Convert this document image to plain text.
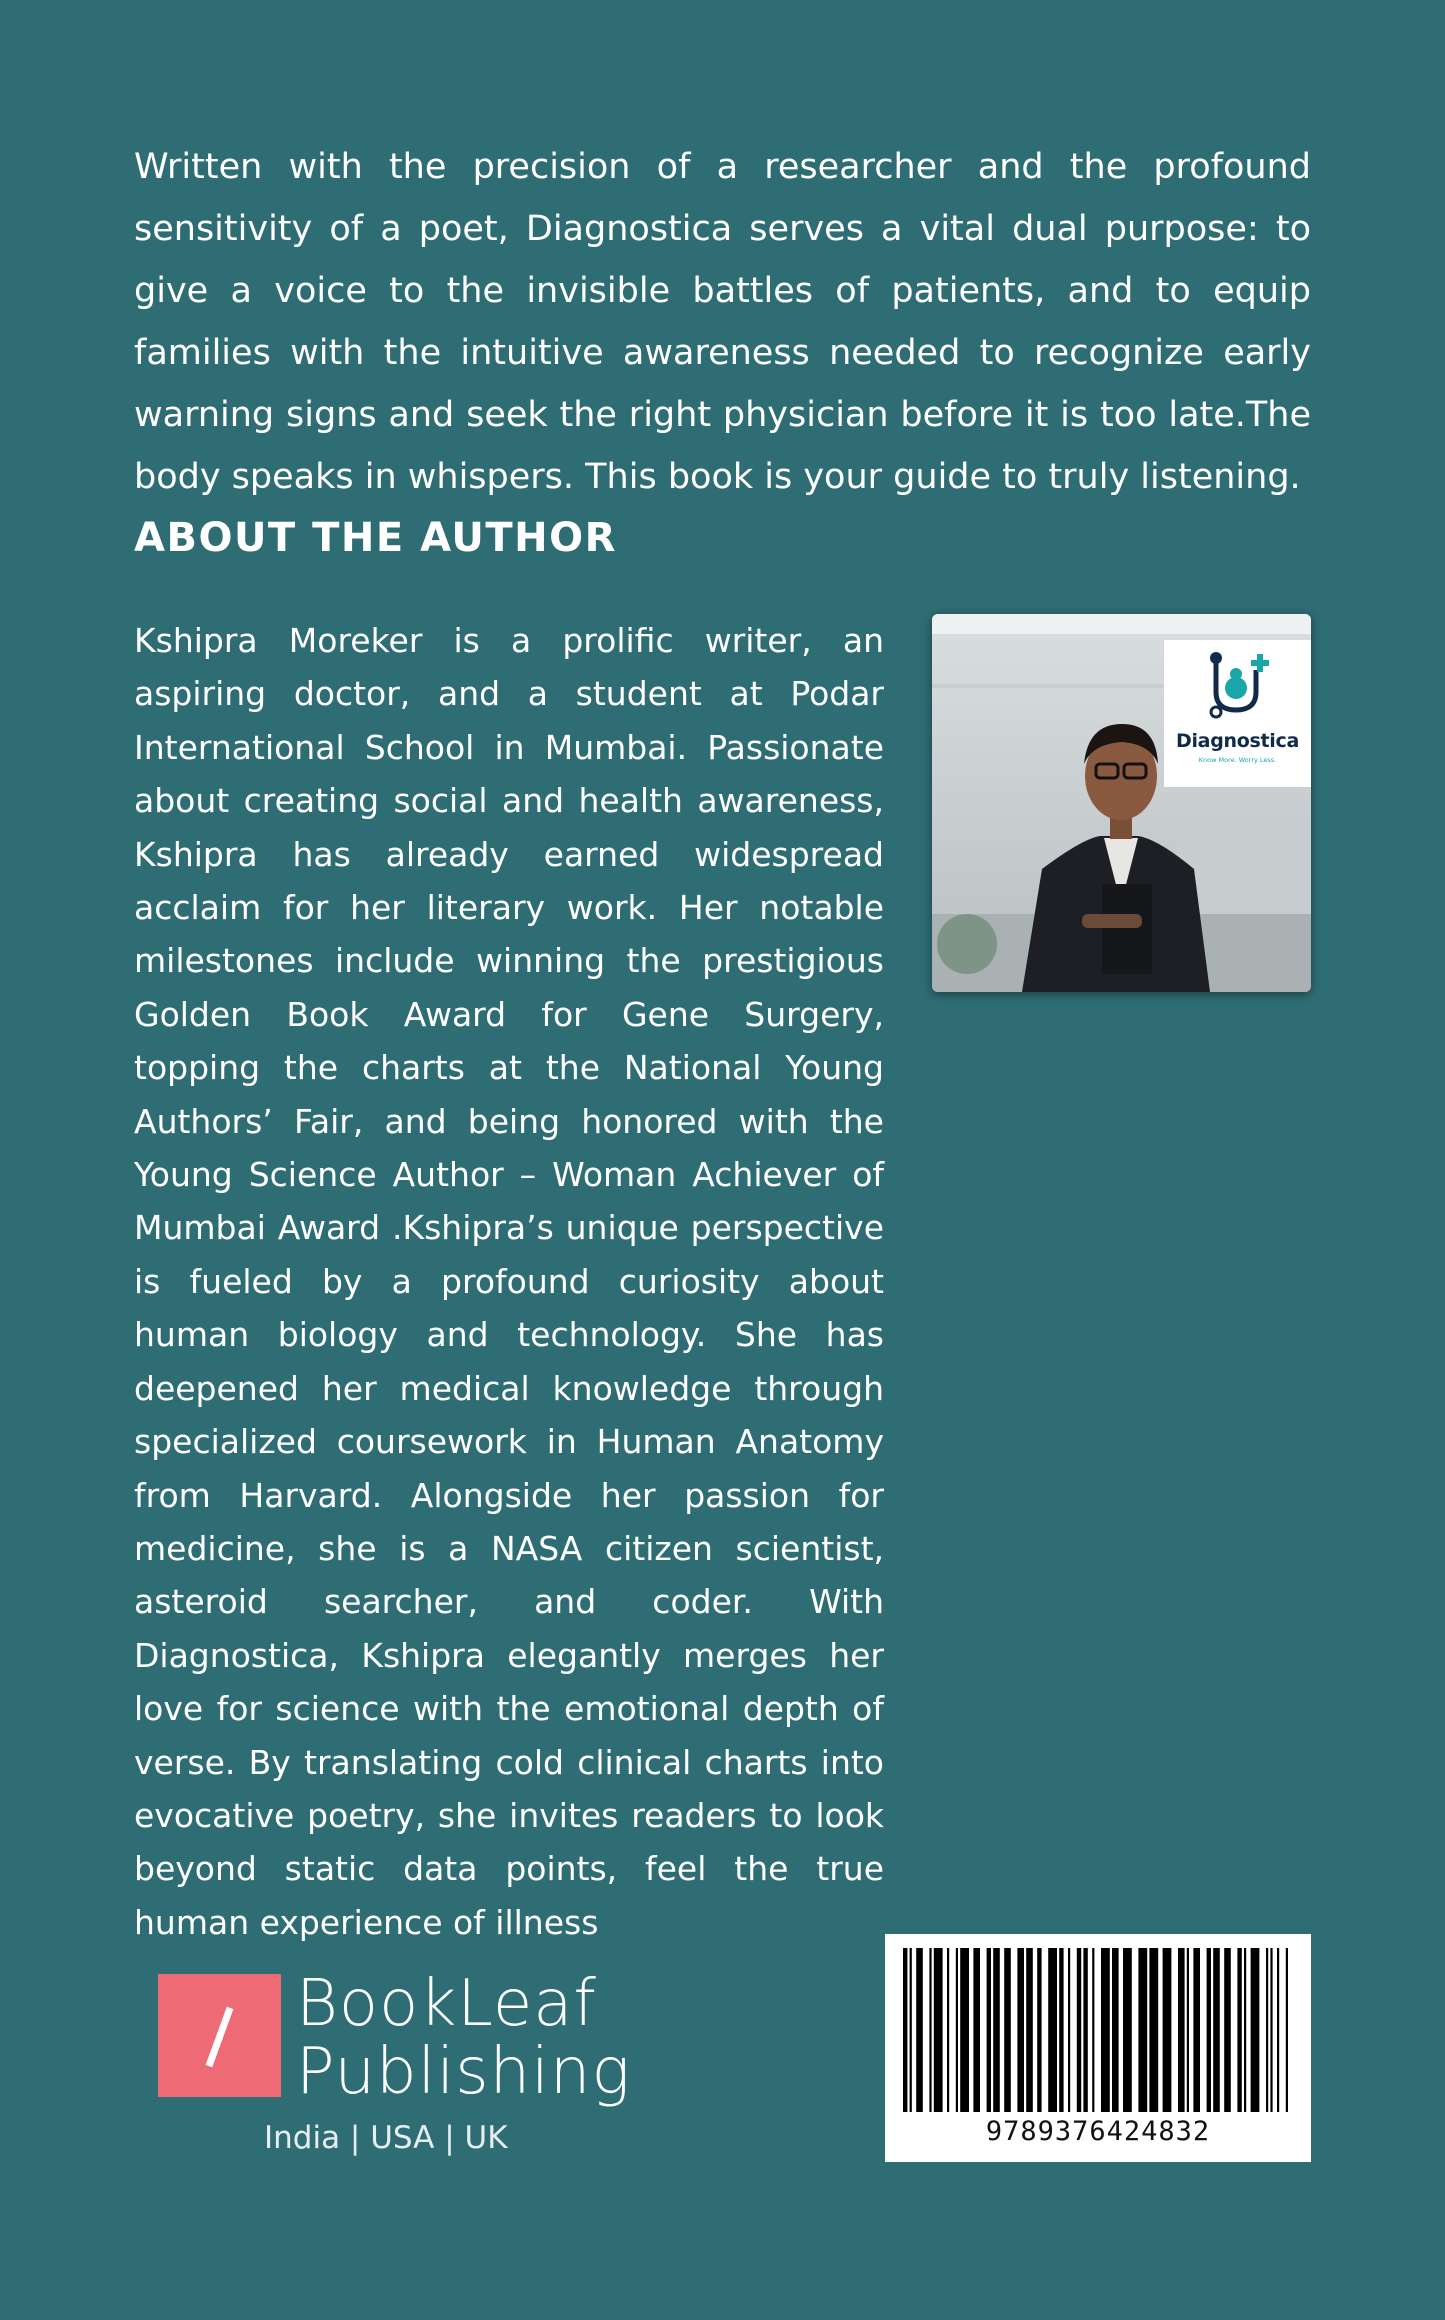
Written with the precision of a researcher and the profound sensitivity of a poet, Diagnostica serves a vital dual purpose: to give a voice to the invisible battles of patients, and to equip families with the intuitive awareness needed to recognize early warning signs and seek the right physician before it is too late.The body speaks in whispers. This book is your guide to truly listening.

ABOUT THE AUTHOR

Kshipra Moreker is a prolific writer, an aspiring doctor, and a student at Podar International School in Mumbai. Passionate about creating social and health awareness, Kshipra has already earned widespread acclaim for her literary work. Her notable milestones include winning the prestigious Golden Book Award for Gene Surgery, topping the charts at the National Young Authors’ Fair, and being honored with the Young Science Author – Woman Achiever of Mumbai Award .Kshipra’s unique perspective is fueled by a profound curiosity about human biology and technology. She has deepened her medical knowledge through specialized coursework in Human Anatomy from Harvard. Alongside her passion for medicine, she is a NASA citizen scientist, asteroid searcher, and coder. With Diagnostica, Kshipra elegantly merges her love for science with the emotional depth of verse. By translating cold clinical charts into evocative poetry, she invites readers to look beyond static data points, feel the true human experience of illness

Diagnostica
Know More. Worry Less.
BookLeaf
Publishing
India | USA | UK	9789376424832
